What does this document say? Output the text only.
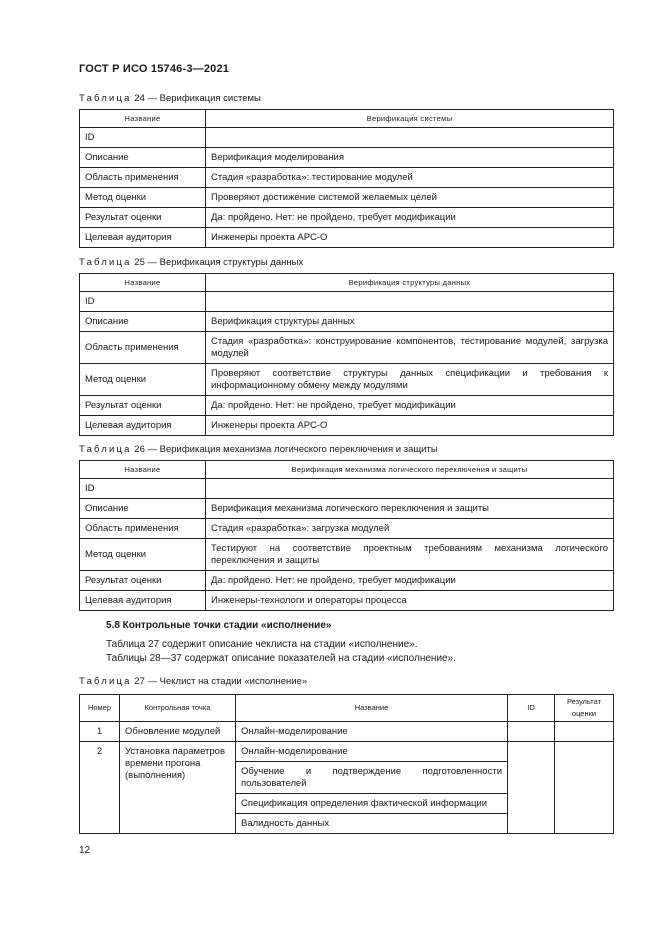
ГОСТ Р ИСО 15746-3—2021
Таблица 24 — Верификация системы
Название	Верификация системы
ID	
Описание	Верификация моделирования
Область применения	Стадия «разработка»: тестирование модулей
Метод оценки	Проверяют достижение системой желаемых целей
Результат оценки	Да: пройдено. Нет: не пройдено, требует модификации
Целевая аудитория	Инженеры проекта АРС-О
Таблица 25 — Верификация структуры данных
Название	Верификация структуры данных
ID	
Описание	Верификация структуры данных
Область применения	Стадия «разработка»: конструирование компонентов, тестирование модулей, загрузка модулей
Метод оценки	Проверяют соответствие структуры данных спецификации и требования к информационному обмену между модулями
Результат оценки	Да: пройдено. Нет: не пройдено, требует модификации
Целевая аудитория	Инженеры проекта АРС-О
Таблица 26 — Верификация механизма логического переключения и защиты
Название	Верификация механизма логического переключения и защиты
ID	
Описание	Верификация механизма логического переключения и защиты
Область применения	Стадия «разработка»: загрузка модулей
Метод оценки	Тестируют на соответствие проектным требованиям механизма логического переключения и защиты
Результат оценки	Да: пройдено. Нет: не пройдено, требует модификации
Целевая аудитория	Инженеры-технологи и операторы процесса
5.8 Контрольные точки стадии «исполнение»
Таблица 27 содержит описание чеклиста на стадии «исполнение».
Таблицы 28—37 содержат описание показателей на стадии «исполнение».
Таблица 27 — Чеклист на стадии «исполнение»
Номер	Контрольная точка	Название	ID	Результат оценки
1	Обновление модулей	Онлайн-моделирование		
2	Установка параметров времени прогона (выполнения)	Онлайн-моделирование		
		Обучение и подтверждение подготовленности пользователей		
		Спецификация определения фактической информации		
		Валидность данных		
12
